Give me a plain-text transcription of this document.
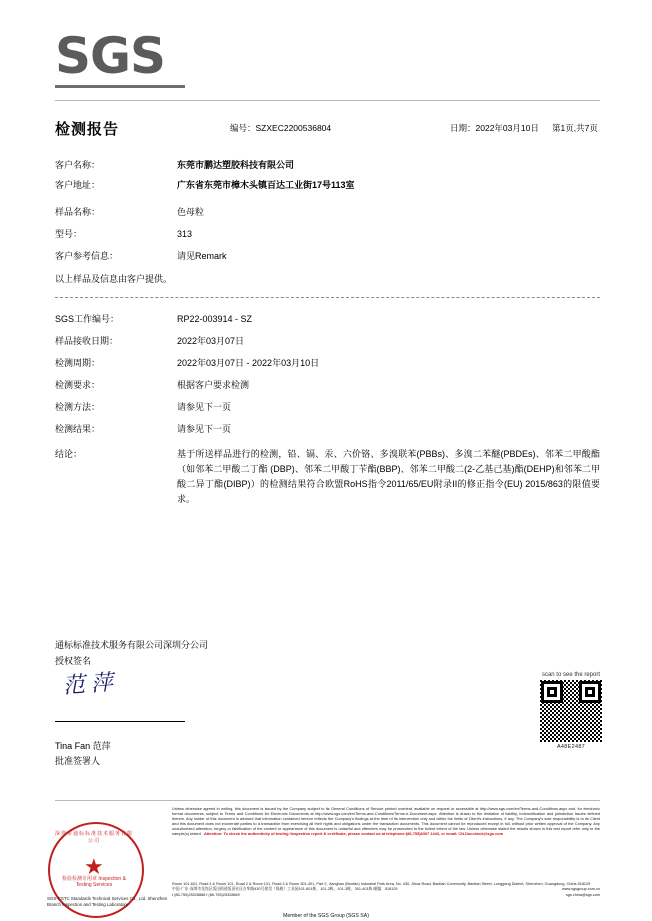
SGS
检测报告	编号：SZXEC2200536804	日期：2022年03月10日 第1页,共7页
客户名称：	东莞市鹏达塑胶科技有限公司
客户地址：	广东省东莞市樟木头镇百达工业街17号113室
样品名称：	色母粒
型号：	313
客户参考信息：	请见Remark
以上样品及信息由客户提供。
SGS工作编号：	RP22-003914 - SZ
样品接收日期：	2022年03月07日
检测周期：	2022年03月07日 - 2022年03月10日
检测要求：	根据客户要求检测
检测方法：	请参见下一页
检测结果：	请参见下一页
结论：	基于所送样品进行的检测，铅、镉、汞、六价铬、多溴联苯(PBBs)、多溴二苯醚(PBDEs)、邻苯二甲酸酯（如邻苯二甲酸二丁酯 (DBP)、邻苯二甲酸丁苄酯(BBP)、邻苯二甲酸二(2-乙基己基)酯(DEHP)和邻苯二甲酸二异丁酯(DIBP)）的检测结果符合欧盟RoHS指令2011/65/EU附录II的修正指令(EU) 2015/863的限值要求。
通标标准技术服务有限公司深圳分公司
授权签名
范萍
Tina Fan 范萍
批准签署人
scan to see the report
A48E2487
深圳市通标标准技术服务有限公司
★
检验检测专用章 Inspection & Testing Services
SGS-CSTC Standards Technical Services Co., Ltd. Shenzhen Branch Inspection and Testing Laboratory
Unless otherwise agreed in writing, this document is issued by the Company subject to its General Conditions of Service printed overleaf, available on request or accessible at http://www.sgs.com/en/Terms-and-Conditions.aspx and, for electronic format documents, subject to Terms and Conditions for Electronic Documents at http://www.sgs.com/en/Terms-and-Conditions/Terms-e-Document.aspx. Attention is drawn to the limitation of liability, indemnification and jurisdiction issues defined therein. Any holder of this document is advised that information contained hereon reflects the Company's findings at the time of its intervention only and within the limits of Client's instructions, if any. The Company's sole responsibility is to its Client and this document does not exonerate parties to a transaction from exercising all their rights and obligations under the transaction documents. This document cannot be reproduced except in full, without prior written approval of the Company. Any unauthorized alteration, forgery or falsification of the content or appearance of this document is unlawful and offenders may be prosecuted to the fullest extent of the law. Unless otherwise stated the results shown in this test report refer only to the sample(s) tested . Attention: To check the authenticity of testing /inspection report & certificate, please contact us at telephone:(86-755)8307 1443, or email: CN.Doccheck@sgs.com
Room 101-601, Road 4 & Room 101, Road 2 & Room 101, Road 3 & Room 301-401, Part 2, Jianghao (Bonfan) Industrial Park Area, No. 430, Jihua Road, Bantian Community, Bantian Street, Longgang District, Shenzhen, Guangdong, China 518129
中国·广东·深圳市龙岗区坂田街道坂田社区吉华路430号建昊（保税）工业园101-601栋、101-2栋、101-3栋、301-401栋 邮编：518129	www.sgsgroup.com.cn
t (86-755)25328888 f (86-755)25328869	sgs.china@sgs.com
Member of the SGS Group (SGS SA)
